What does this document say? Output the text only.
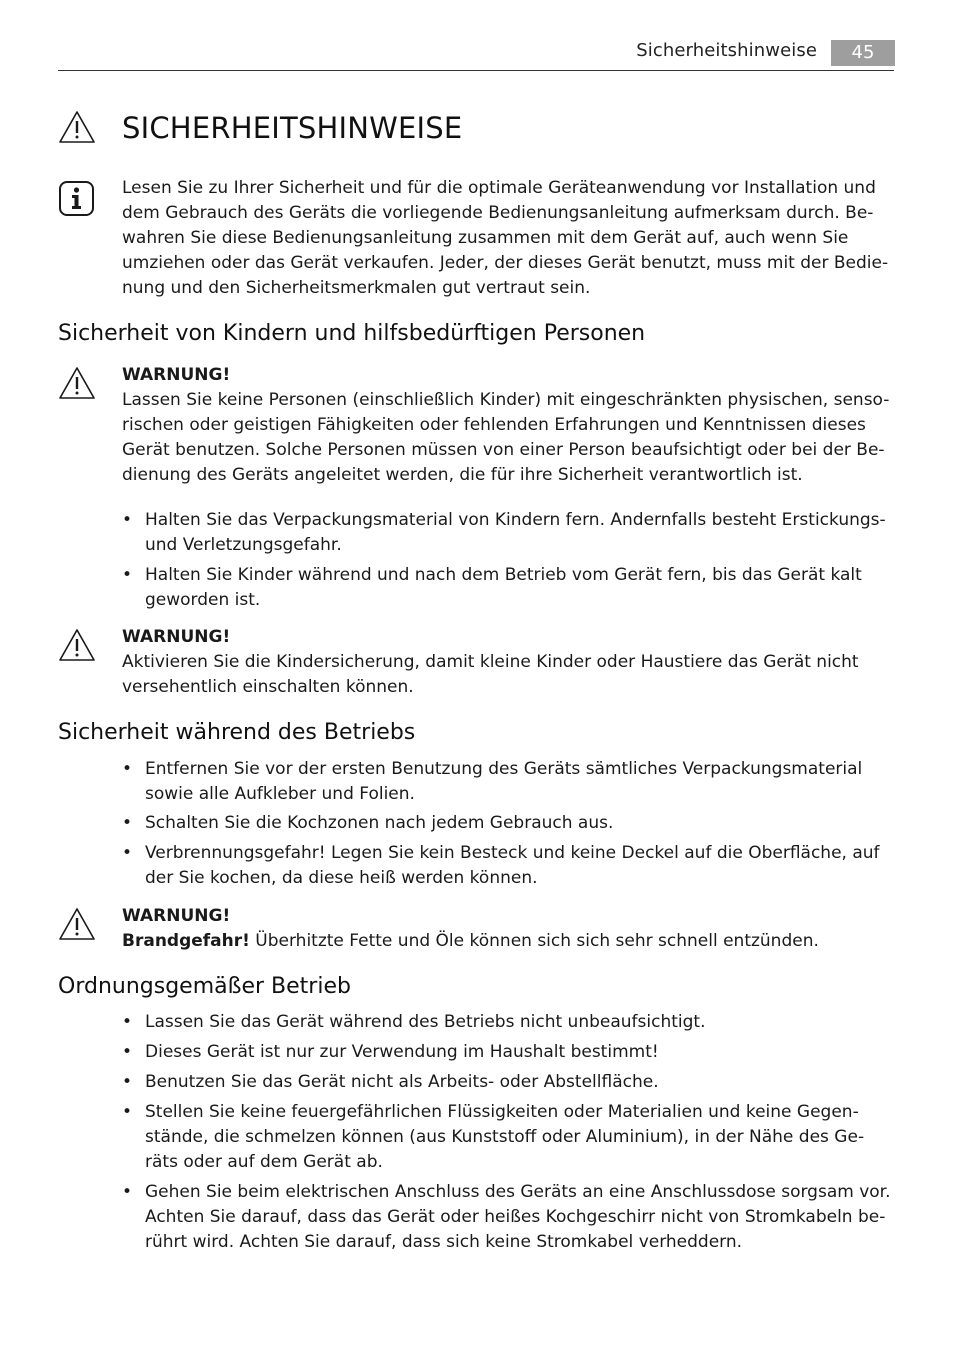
Sicherheitshinweise	45
SICHERHEITSHINWEISE
Lesen Sie zu Ihrer Sicherheit und für die optimale Geräteanwendung vor Installation und
dem Gebrauch des Geräts die vorliegende Bedienungsanleitung aufmerksam durch. Be-
wahren Sie diese Bedienungsanleitung zusammen mit dem Gerät auf, auch wenn Sie
umziehen oder das Gerät verkaufen. Jeder, der dieses Gerät benutzt, muss mit der Bedie-
nung und den Sicherheitsmerkmalen gut vertraut sein.
Sicherheit von Kindern und hilfsbedürftigen Personen
WARNUNG!
Lassen Sie keine Personen (einschließlich Kinder) mit eingeschränkten physischen, senso-
rischen oder geistigen Fähigkeiten oder fehlenden Erfahrungen und Kenntnissen dieses
Gerät benutzen. Solche Personen müssen von einer Person beaufsichtigt oder bei der Be-
dienung des Geräts angeleitet werden, die für ihre Sicherheit verantwortlich ist.
• Halten Sie das Verpackungsmaterial von Kindern fern. Andernfalls besteht Erstickungs-
und Verletzungsgefahr.
• Halten Sie Kinder während und nach dem Betrieb vom Gerät fern, bis das Gerät kalt
geworden ist.
WARNUNG!
Aktivieren Sie die Kindersicherung, damit kleine Kinder oder Haustiere das Gerät nicht
versehentlich einschalten können.
Sicherheit während des Betriebs
• Entfernen Sie vor der ersten Benutzung des Geräts sämtliches Verpackungsmaterial
sowie alle Aufkleber und Folien.
• Schalten Sie die Kochzonen nach jedem Gebrauch aus.
• Verbrennungsgefahr! Legen Sie kein Besteck und keine Deckel auf die Oberfläche, auf
der Sie kochen, da diese heiß werden können.
WARNUNG!
Brandgefahr! Überhitzte Fette und Öle können sich sich sehr schnell entzünden.
Ordnungsgemäßer Betrieb
• Lassen Sie das Gerät während des Betriebs nicht unbeaufsichtigt.
• Dieses Gerät ist nur zur Verwendung im Haushalt bestimmt!
• Benutzen Sie das Gerät nicht als Arbeits- oder Abstellfläche.
• Stellen Sie keine feuergefährlichen Flüssigkeiten oder Materialien und keine Gegen-
stände, die schmelzen können (aus Kunststoff oder Aluminium), in der Nähe des Ge-
räts oder auf dem Gerät ab.
• Gehen Sie beim elektrischen Anschluss des Geräts an eine Anschlussdose sorgsam vor.
Achten Sie darauf, dass das Gerät oder heißes Kochgeschirr nicht von Stromkabeln be-
rührt wird. Achten Sie darauf, dass sich keine Stromkabel verheddern.
